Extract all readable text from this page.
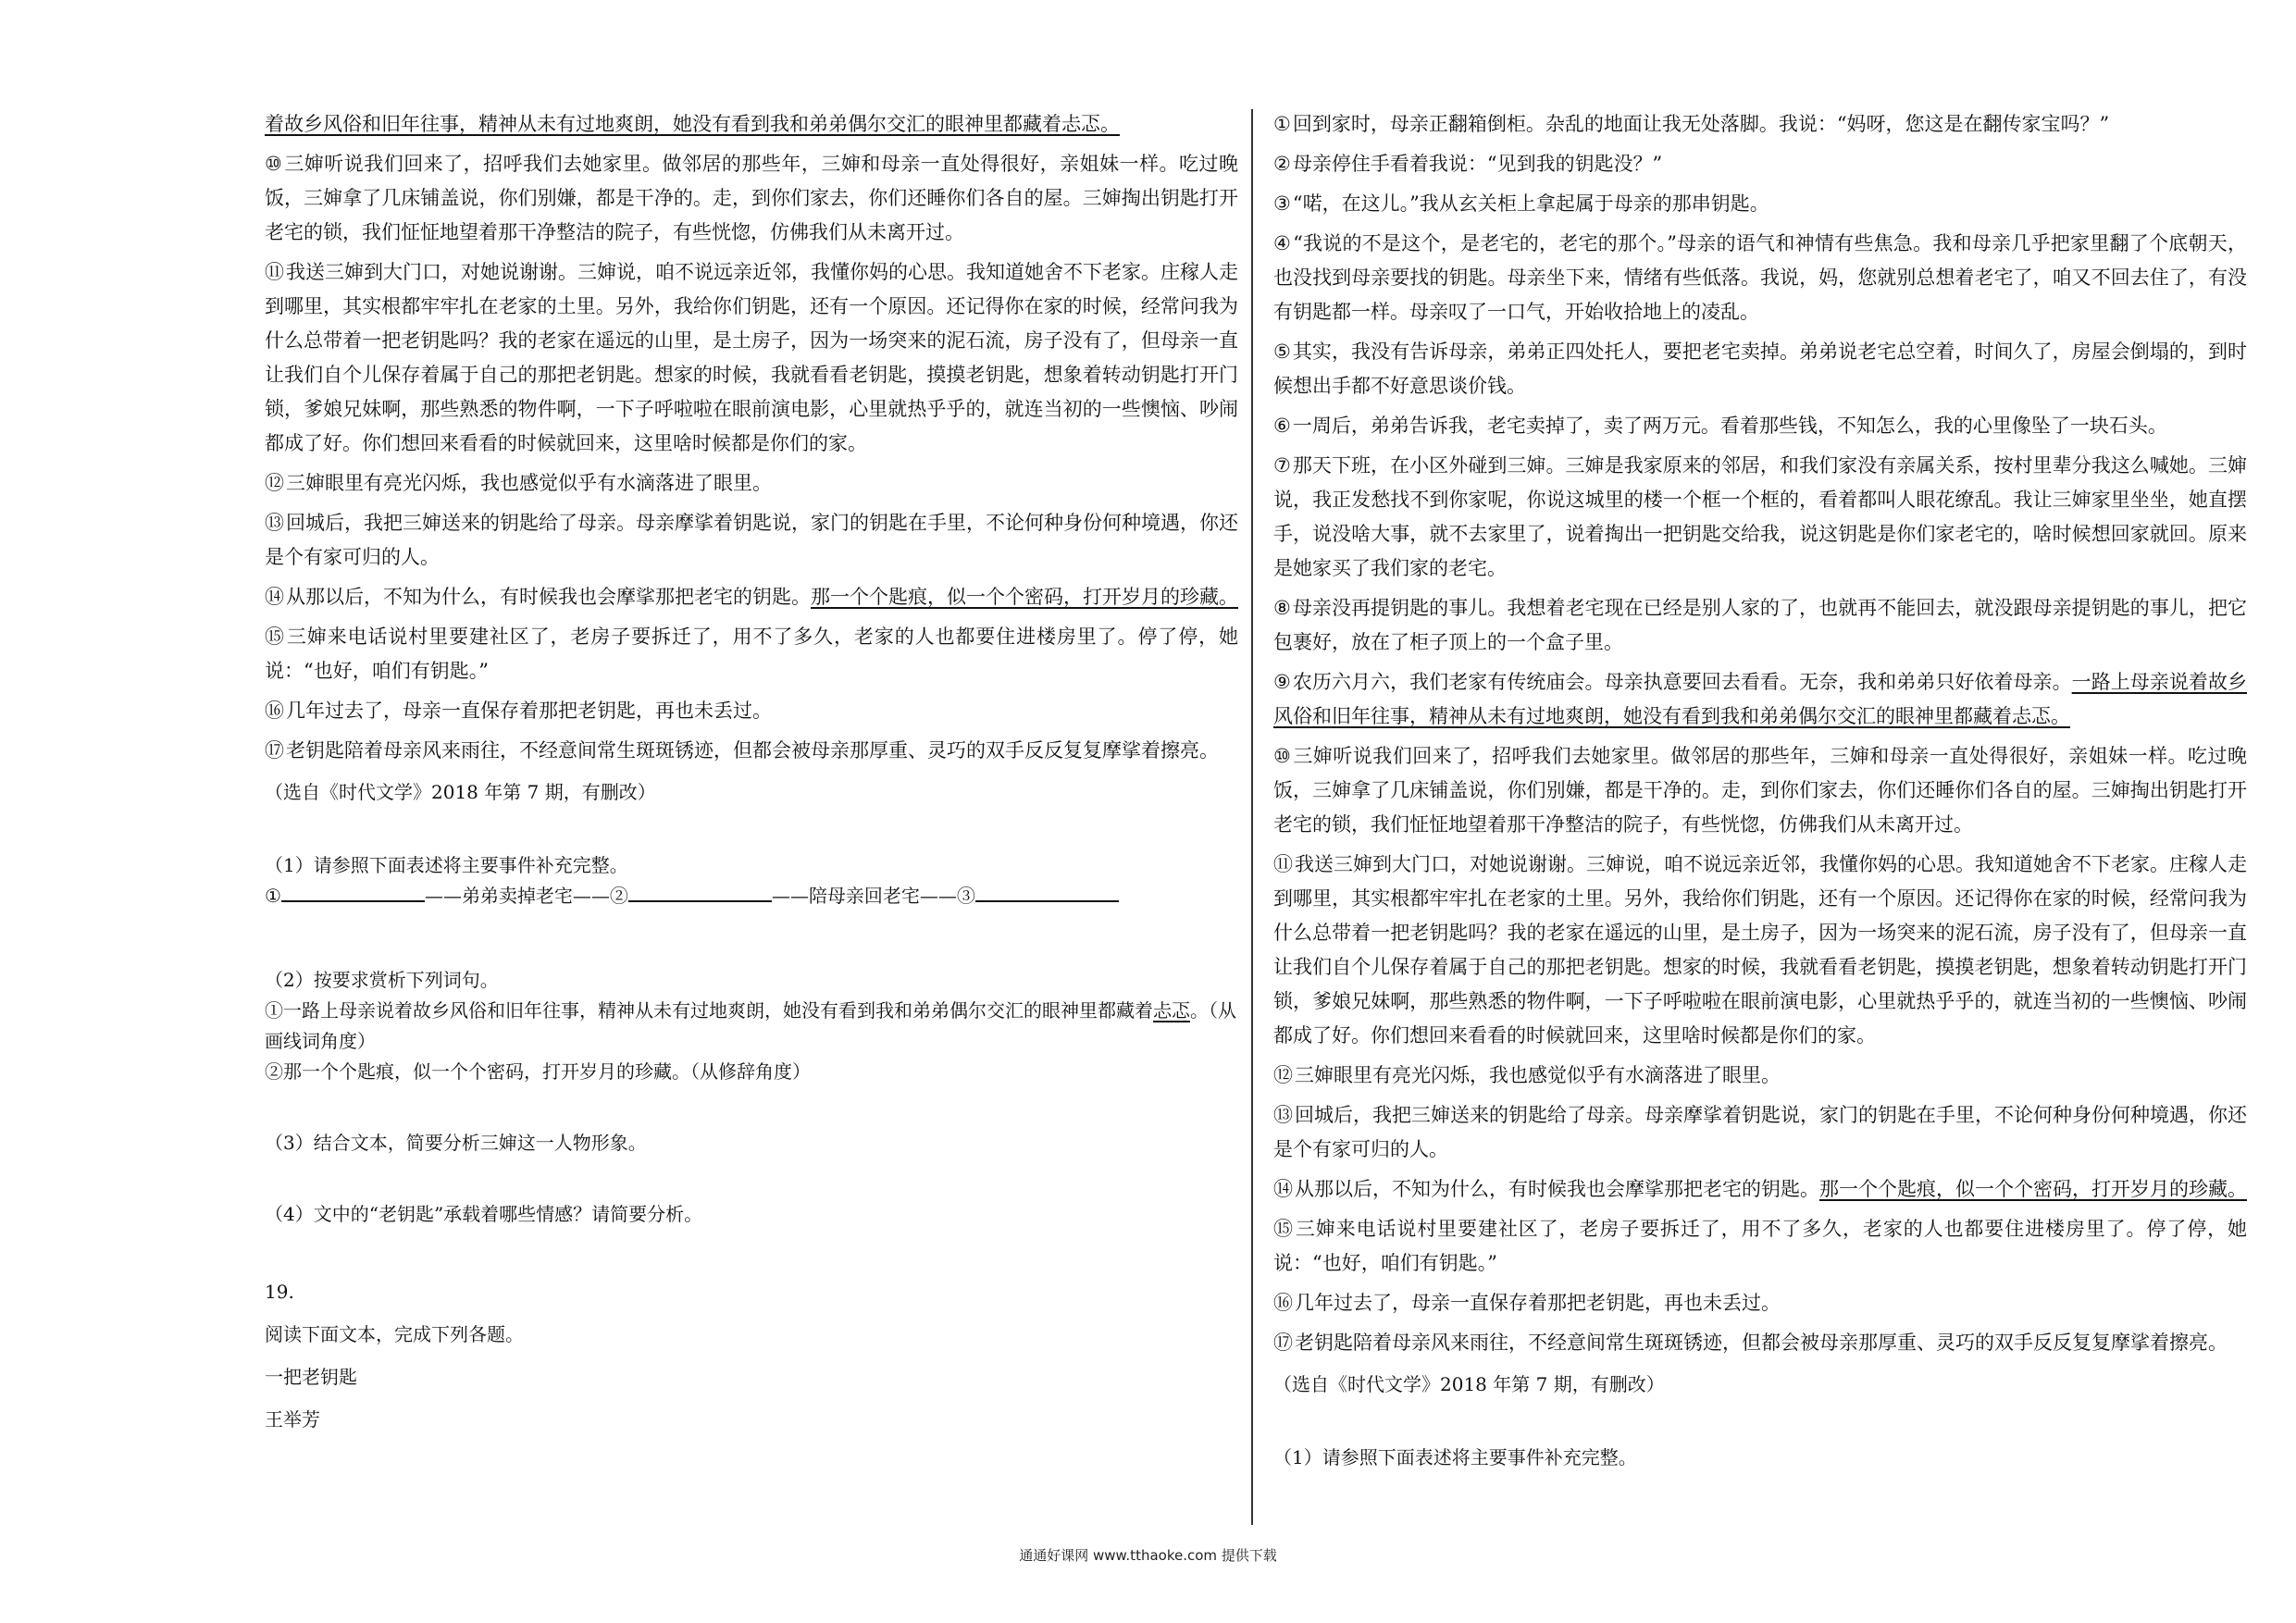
着故乡风俗和旧年往事，精神从未有过地爽朗，她没有看到我和弟弟偶尔交汇的眼神里都藏着忐忑。

⑩三婶听说我们回来了，招呼我们去她家里。做邻居的那些年，三婶和母亲一直处得很好，亲姐妹一样。吃过晚饭，三婶拿了几床铺盖说，你们别嫌，都是干净的。走，到你们家去，你们还睡你们各自的屋。三婶掏出钥匙打开老宅的锁，我们怔怔地望着那干净整洁的院子，有些恍惚，仿佛我们从未离开过。

⑪我送三婶到大门口，对她说谢谢。三婶说，咱不说远亲近邻，我懂你妈的心思。我知道她舍不下老家。庄稼人走到哪里，其实根都牢牢扎在老家的土里。另外，我给你们钥匙，还有一个原因。还记得你在家的时候，经常问我为什么总带着一把老钥匙吗？我的老家在遥远的山里，是土房子，因为一场突来的泥石流，房子没有了，但母亲一直让我们自个儿保存着属于自己的那把老钥匙。想家的时候，我就看看老钥匙，摸摸老钥匙，想象着转动钥匙打开门锁，爹娘兄妹啊，那些熟悉的物件啊，一下子呼啦啦在眼前演电影，心里就热乎乎的，就连当初的一些懊恼、吵闹都成了好。你们想回来看看的时候就回来，这里啥时候都是你们的家。

⑫三婶眼里有亮光闪烁，我也感觉似乎有水滴落进了眼里。

⑬回城后，我把三婶送来的钥匙给了母亲。母亲摩挲着钥匙说，家门的钥匙在手里，不论何种身份何种境遇，你还是个有家可归的人。

⑭从那以后，不知为什么，有时候我也会摩挲那把老宅的钥匙。那一个个匙痕，似一个个密码，打开岁月的珍藏。

⑮三婶来电话说村里要建社区了，老房子要拆迁了，用不了多久，老家的人也都要住进楼房里了。停了停，她说：“也好，咱们有钥匙。”

⑯几年过去了，母亲一直保存着那把老钥匙，再也未丢过。

⑰老钥匙陪着母亲风来雨往，不经意间常生斑斑锈迹，但都会被母亲那厚重、灵巧的双手反反复复摩挲着擦亮。

（选自《时代文学》2018 年第 7 期，有删改）

（1）请参照下面表述将主要事件补充完整。

①	——弟弟卖掉老宅——②	——陪母亲回老宅——③

（2）按要求赏析下列词句。

①一路上母亲说着故乡风俗和旧年往事，精神从未有过地爽朗，她没有看到我和弟弟偶尔交汇的眼神里都藏着忐忑。（从画线词角度）

②那一个个匙痕，似一个个密码，打开岁月的珍藏。（从修辞角度）

（3）结合文本，简要分析三婶这一人物形象。

（4）文中的“老钥匙”承载着哪些情感？请简要分析。

19.

阅读下面文本，完成下列各题。

一把老钥匙

王举芳

①回到家时，母亲正翻箱倒柜。杂乱的地面让我无处落脚。我说：“妈呀，您这是在翻传家宝吗？”

②母亲停住手看着我说：“见到我的钥匙没？”

③“喏，在这儿。”我从玄关柜上拿起属于母亲的那串钥匙。

④“我说的不是这个，是老宅的，老宅的那个。”母亲的语气和神情有些焦急。我和母亲几乎把家里翻了个底朝天，也没找到母亲要找的钥匙。母亲坐下来，情绪有些低落。我说，妈，您就别总想着老宅了，咱又不回去住了，有没有钥匙都一样。母亲叹了一口气，开始收拾地上的凌乱。

⑤其实，我没有告诉母亲，弟弟正四处托人，要把老宅卖掉。弟弟说老宅总空着，时间久了，房屋会倒塌的，到时候想出手都不好意思谈价钱。

⑥一周后，弟弟告诉我，老宅卖掉了，卖了两万元。看着那些钱，不知怎么，我的心里像坠了一块石头。

⑦那天下班，在小区外碰到三婶。三婶是我家原来的邻居，和我们家没有亲属关系，按村里辈分我这么喊她。三婶说，我正发愁找不到你家呢，你说这城里的楼一个框一个框的，看着都叫人眼花缭乱。我让三婶家里坐坐，她直摆手，说没啥大事，就不去家里了，说着掏出一把钥匙交给我，说这钥匙是你们家老宅的，啥时候想回家就回。原来是她家买了我们家的老宅。

⑧母亲没再提钥匙的事儿。我想着老宅现在已经是别人家的了，也就再不能回去，就没跟母亲提钥匙的事儿，把它包裹好，放在了柜子顶上的一个盒子里。

⑨农历六月六，我们老家有传统庙会。母亲执意要回去看看。无奈，我和弟弟只好依着母亲。一路上母亲说着故乡风俗和旧年往事，精神从未有过地爽朗，她没有看到我和弟弟偶尔交汇的眼神里都藏着忐忑。

⑩三婶听说我们回来了，招呼我们去她家里。做邻居的那些年，三婶和母亲一直处得很好，亲姐妹一样。吃过晚饭，三婶拿了几床铺盖说，你们别嫌，都是干净的。走，到你们家去，你们还睡你们各自的屋。三婶掏出钥匙打开老宅的锁，我们怔怔地望着那干净整洁的院子，有些恍惚，仿佛我们从未离开过。

⑪我送三婶到大门口，对她说谢谢。三婶说，咱不说远亲近邻，我懂你妈的心思。我知道她舍不下老家。庄稼人走到哪里，其实根都牢牢扎在老家的土里。另外，我给你们钥匙，还有一个原因。还记得你在家的时候，经常问我为什么总带着一把老钥匙吗？我的老家在遥远的山里，是土房子，因为一场突来的泥石流，房子没有了，但母亲一直让我们自个儿保存着属于自己的那把老钥匙。想家的时候，我就看看老钥匙，摸摸老钥匙，想象着转动钥匙打开门锁，爹娘兄妹啊，那些熟悉的物件啊，一下子呼啦啦在眼前演电影，心里就热乎乎的，就连当初的一些懊恼、吵闹都成了好。你们想回来看看的时候就回来，这里啥时候都是你们的家。

⑫三婶眼里有亮光闪烁，我也感觉似乎有水滴落进了眼里。

⑬回城后，我把三婶送来的钥匙给了母亲。母亲摩挲着钥匙说，家门的钥匙在手里，不论何种身份何种境遇，你还是个有家可归的人。

⑭从那以后，不知为什么，有时候我也会摩挲那把老宅的钥匙。那一个个匙痕，似一个个密码，打开岁月的珍藏。

⑮三婶来电话说村里要建社区了，老房子要拆迁了，用不了多久，老家的人也都要住进楼房里了。停了停，她说：“也好，咱们有钥匙。”

⑯几年过去了，母亲一直保存着那把老钥匙，再也未丢过。

⑰老钥匙陪着母亲风来雨往，不经意间常生斑斑锈迹，但都会被母亲那厚重、灵巧的双手反反复复摩挲着擦亮。

（选自《时代文学》2018 年第 7 期，有删改）

（1）请参照下面表述将主要事件补充完整。

通通好课网 www.tthaoke.com 提供下载
